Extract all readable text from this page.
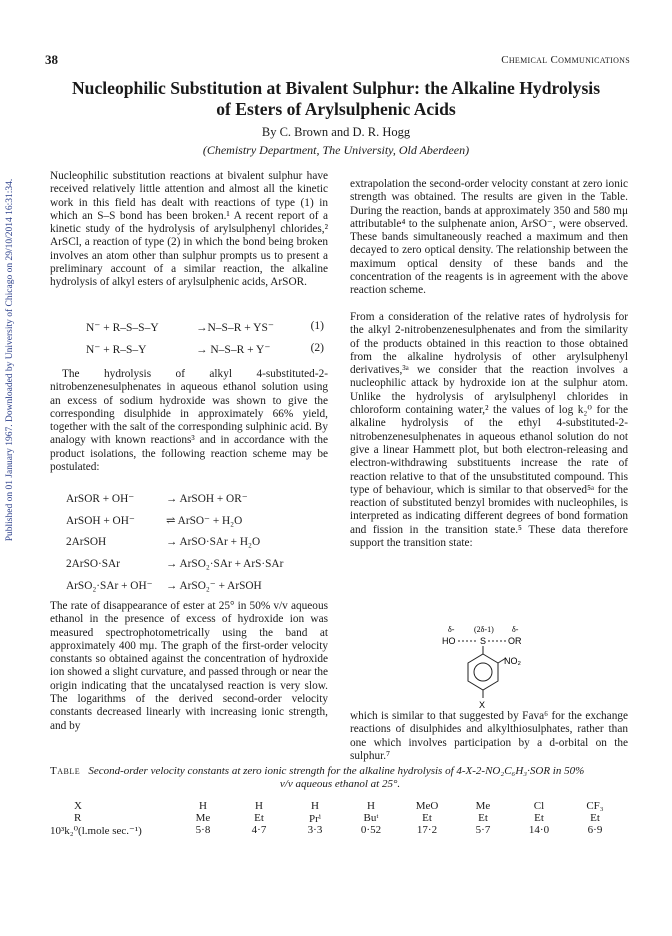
Published on 01 January 1967. Downloaded by University of Chicago on 29/10/2014 16:31:34.
38	Chemical Communications
Nucleophilic Substitution at Bivalent Sulphur: the Alkaline Hydrolysis
of Esters of Arylsulphenic Acids
By C. Brown and D. R. Hogg
(Chemistry Department, The University, Old Aberdeen)

Nucleophilic substitution reactions at bivalent sulphur have received relatively little attention and almost all the kinetic work in this field has dealt with reactions of type (1) in which an S–S bond has been broken.¹ A recent report of a kinetic study of the hydrolysis of arylsulphenyl chlorides,² ArSCl, a reaction of type (2) in which the bond being broken involves an atom other than sulphur prompts us to present a preliminary account of a similar reaction, the alkaline hydrolysis of alkyl esters of arylsulphenic acids, ArSOR.

N⁻ + R–S–S–Y	→N–S–R + YS⁻	(1)
N⁻ + R–S–Y	→ N–S–R + Y⁻	(2)

The hydrolysis of alkyl 4-substituted-2-nitrobenzenesulphenates in aqueous ethanol solution using an excess of sodium hydroxide was shown to give the corresponding disulphide in approximately 66% yield, together with the salt of the corresponding sulphinic acid. By analogy with known reactions³ and in accordance with the product isolations, the following reaction scheme may be postulated:

ArSOR + OH⁻	→ ArSOH + OR⁻
ArSOH + OH⁻	⇌ ArSO⁻ + H₂O
2ArSOH	→ ArSO·SAr + H₂O
2ArSO·SAr	→ ArSO₂·SAr + ArS·SAr
ArSO₂·SAr + OH⁻ → ArSO₂⁻ + ArSOH

The rate of disappearance of ester at 25° in 50% v/v aqueous ethanol in the presence of excess of hydroxide ion was measured spectrophotometrically using the band at approximately 400 mμ. The graph of the first-order velocity constants so obtained against the concentration of hydroxide ion showed a slight curvature, and passed through or near the origin indicating that the uncatalysed reaction is very slow. The logarithms of the derived second-order velocity constants decreased linearly with increasing ionic strength, and by

extrapolation the second-order velocity constant at zero ionic strength was obtained. The results are given in the Table. During the reaction, bands at approximately 350 and 580 mμ attributable⁴ to the sulphenate anion, ArSO⁻, were observed. These bands simultaneously reached a maximum and then decayed to zero optical density. The relationship between the maximum optical density of these bands and the concentration of the reagents is in agreement with the above reaction scheme.

From a consideration of the relative rates of hydrolysis for the alkyl 2-nitrobenzenesulphenates and from the similarity of the products obtained in this reaction to those obtained from the alkaline hydrolysis of other arylsulphenyl derivatives,³ᵃ we consider that the reaction involves a nucleophilic attack by hydroxide ion at the sulphur atom. Unlike the hydrolysis of arylsulphenyl chlorides in chloroform containing water,² the values of log k₂⁰ for the alkaline hydrolysis of the ethyl 4-substituted-2-nitrobenzenesulphenates in aqueous ethanol solution do not give a linear Hammett plot, but both electron-releasing and electron-withdrawing substituents increase the rate of reaction relative to that of the unsubstituted compound. This type of behaviour, which is similar to that observed⁵ᵃ for the reaction of substituted benzyl bromides with nucleophiles, is interpreted as indicating different degrees of bond formation and fission in the transition state.⁵ These data therefore support the transition state:

δ- (2δ-1) δ-
HO	S OR
NO₂
X

which is similar to that suggested by Fava⁶ for the exchange reactions of disulphides and alkylthiosulphates, rather than one which involves participation by a d-orbital on the sulphur.⁷

Table Second-order velocity constants at zero ionic strength for the alkaline hydrolysis of 4-X-2-NO₂C₆H₃·SOR in 50%
v/v aqueous ethanol at 25°.
X	H	H	H	H	MeO	Me	Cl	CF₃
R	Me	Et	Prⁱ	Buᵗ	Et	Et	Et	Et
10³k₂⁰(l.mole sec.⁻¹)	5·8	4·7	3·3	0·52	17·2	5·7	14·0	6·9
